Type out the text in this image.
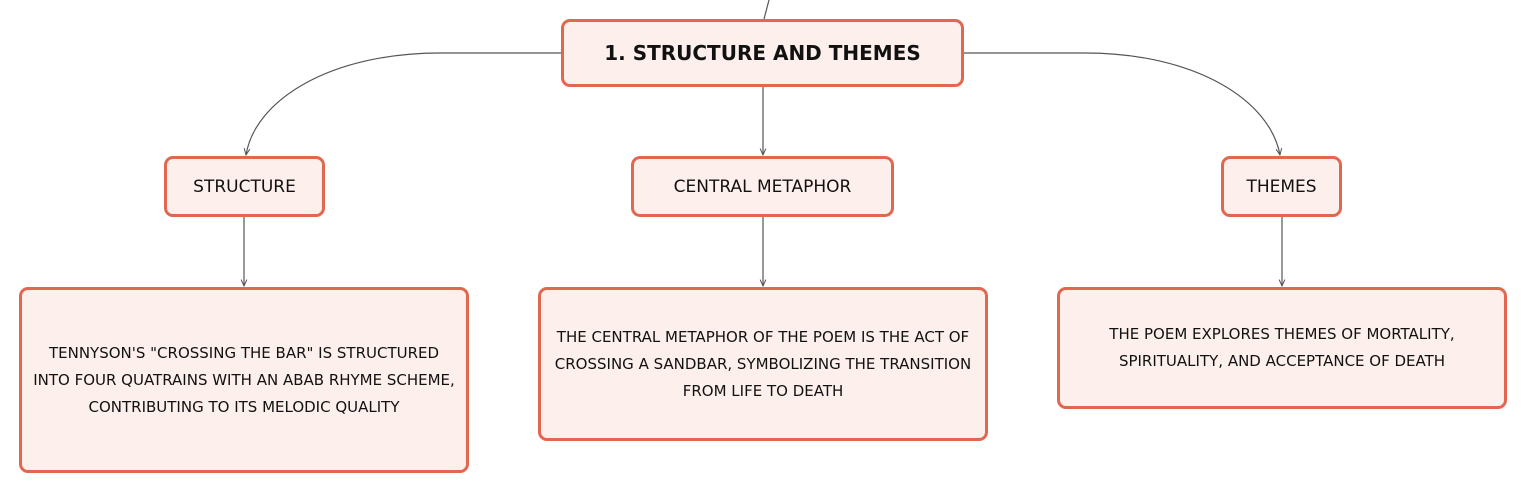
1. STRUCTURE AND THEMES
STRUCTURE	CENTRAL METAPHOR	THEMES
TENNYSON'S "CROSSING THE BAR" IS STRUCTURED INTO FOUR QUATRAINS WITH AN ABAB RHYME SCHEME, CONTRIBUTING TO ITS MELODIC QUALITY
THE CENTRAL METAPHOR OF THE POEM IS THE ACT OF CROSSING A SANDBAR, SYMBOLIZING THE TRANSITION FROM LIFE TO DEATH
THE POEM EXPLORES THEMES OF MORTALITY, SPIRITUALITY, AND ACCEPTANCE OF DEATH
